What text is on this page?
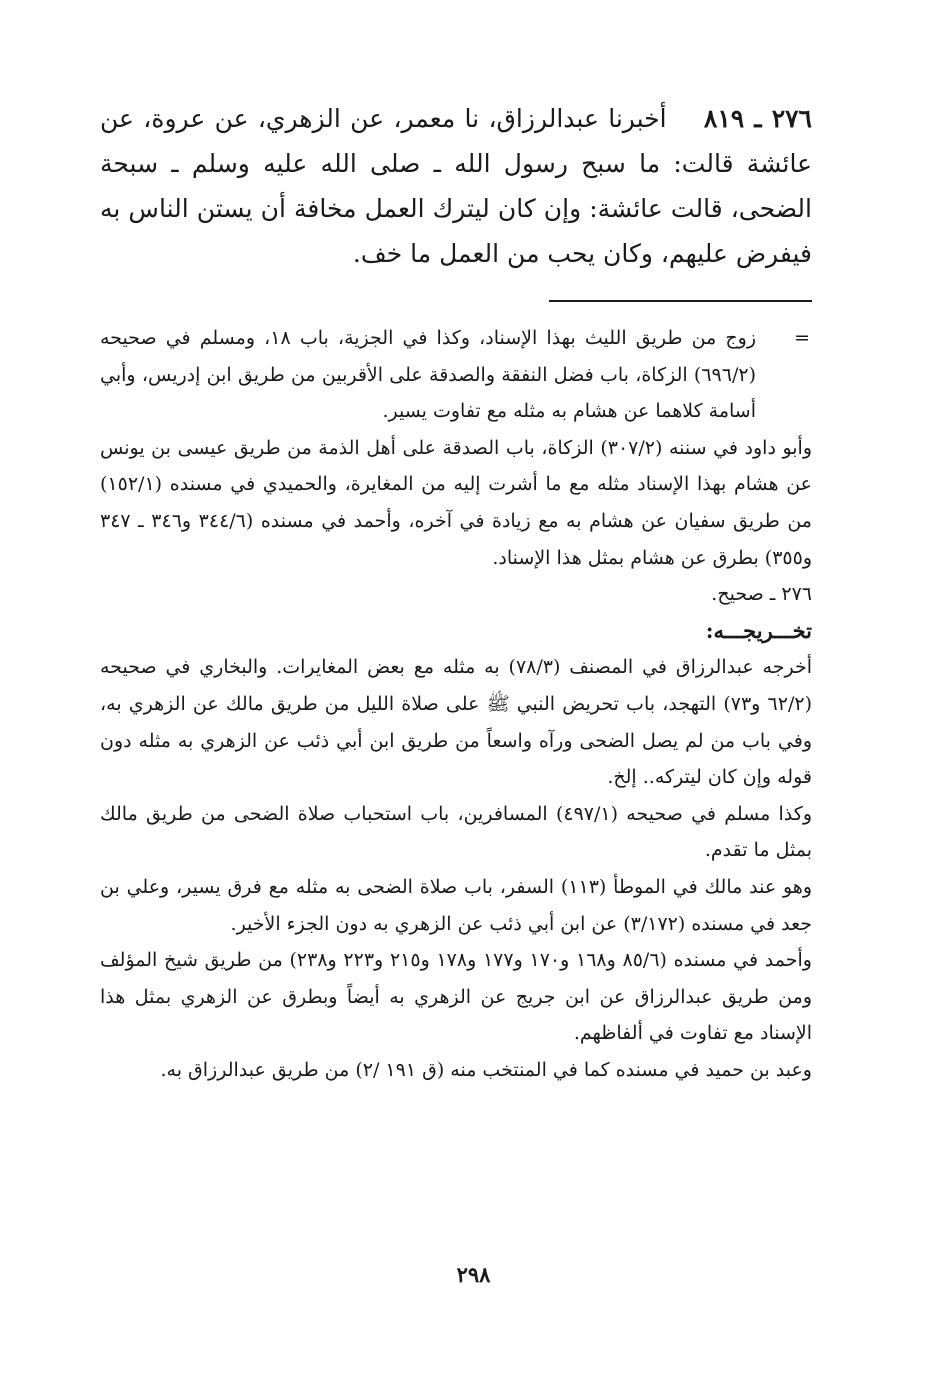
٢٧٦ ـ ٨١٩    أخبرنا عبدالرزاق، نا معمر، عن الزهري، عن عروة، عن عائشة قالت: ما سبح رسول الله ـ صلى الله عليه وسلم ـ سبحة الضحى، قالت عائشة: وإن كان ليترك العمل مخافة أن يستن الناس به فيفرض عليهم، وكان يحب من العمل ما خف.

=

زوج من طريق الليث بهذا الإسناد، وكذا في الجزية، باب ١٨، ومسلم في صحيحه (٦٩٦/٢) الزكاة، باب فضل النفقة والصدقة على الأقربين من طريق ابن إدريس، وأبي أسامة كلاهما عن هشام به مثله مع تفاوت يسير.

وأبو داود في سننه (٣٠٧/٢) الزكاة، باب الصدقة على أهل الذمة من طريق عيسى بن يونس عن هشام بهذا الإسناد مثله مع ما أشرت إليه من المغايرة، والحميدي في مسنده (١٥٢/١) من طريق سفيان عن هشام به مع زيادة في آخره، وأحمد في مسنده (٣٤٤/٦ و٣٤٦ ـ ٣٤٧ و٣٥٥) بطرق عن هشام بمثل هذا الإسناد.

٢٧٦ ـ صحيح.

تخـــريجـــه:

أخرجه عبدالرزاق في المصنف (٧٨/٣) به مثله مع بعض المغايرات. والبخاري في صحيحه (٦٢/٢ و٧٣) التهجد، باب تحريض النبي ﷺ على صلاة الليل من طريق مالك عن الزهري به، وفي باب من لم يصل الضحى ورآه واسعاً من طريق ابن أبي ذئب عن الزهري به مثله دون قوله وإن كان ليتركه.. إلخ.

وكذا مسلم في صحيحه (٤٩٧/١) المسافرين، باب استحباب صلاة الضحى من طريق مالك بمثل ما تقدم.

وهو عند مالك في الموطأ (١١٣) السفر، باب صلاة الضحى به مثله مع فرق يسير، وعلي بن جعد في مسنده (٣/١٧٢) عن ابن أبي ذئب عن الزهري به دون الجزء الأخير.

وأحمد في مسنده (٨٥/٦ و١٦٨ و١٧٠ و١٧٧ و١٧٨ و٢١٥ و٢٢٣ و٢٣٨) من طريق شيخ المؤلف ومن طريق عبدالرزاق عن ابن جريج عن الزهري به أيضاً وبطرق عن الزهري بمثل هذا الإسناد مع تفاوت في ألفاظهم.

وعبد بن حميد في مسنده كما في المنتخب منه (ق ١٩١ /٢) من طريق عبدالرزاق به.

٢٩٨
